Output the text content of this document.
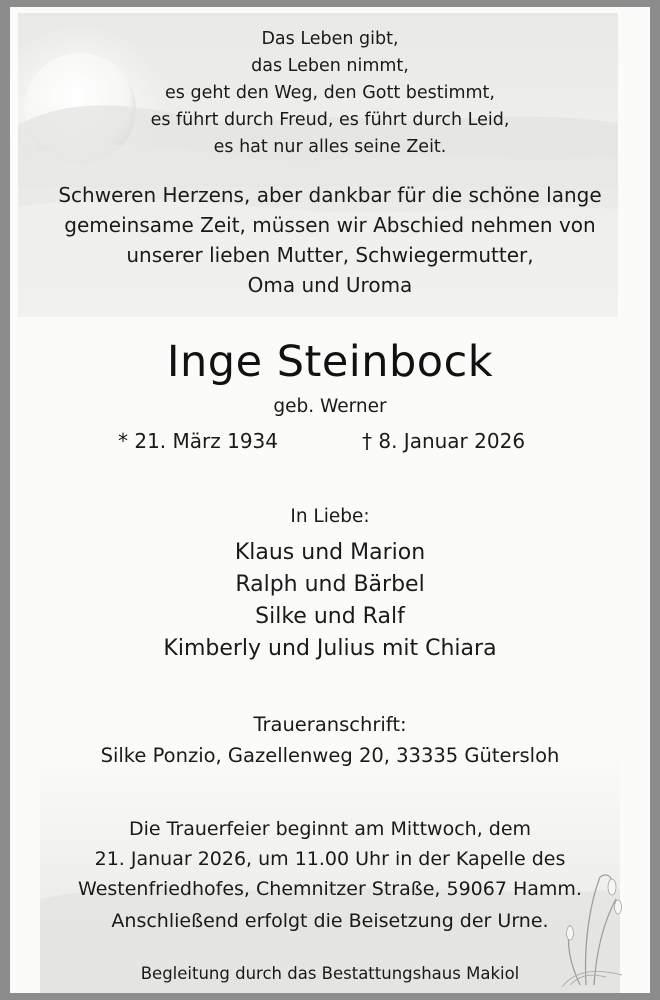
Das Leben gibt,
das Leben nimmt,
es geht den Weg, den Gott bestimmt,
es führt durch Freud, es führt durch Leid,
es hat nur alles seine Zeit.
Schweren Herzens, aber dankbar für die schöne lange
gemeinsame Zeit, müssen wir Abschied nehmen von
unserer lieben Mutter, Schwiegermutter,
Oma und Uroma
Inge Steinbock
geb. Werner
* 21. März 1934	† 8. Januar 2026
In Liebe:
Klaus und Marion
Ralph und Bärbel
Silke und Ralf
Kimberly und Julius mit Chiara
Traueranschrift:
Silke Ponzio, Gazellenweg 20, 33335 Gütersloh
Die Trauerfeier beginnt am Mittwoch, dem
21. Januar 2026, um 11.00 Uhr in der Kapelle des
Westenfriedhofes, Chemnitzer Straße, 59067 Hamm.
Anschließend erfolgt die Beisetzung der Urne.
Begleitung durch das Bestattungshaus Makiol
